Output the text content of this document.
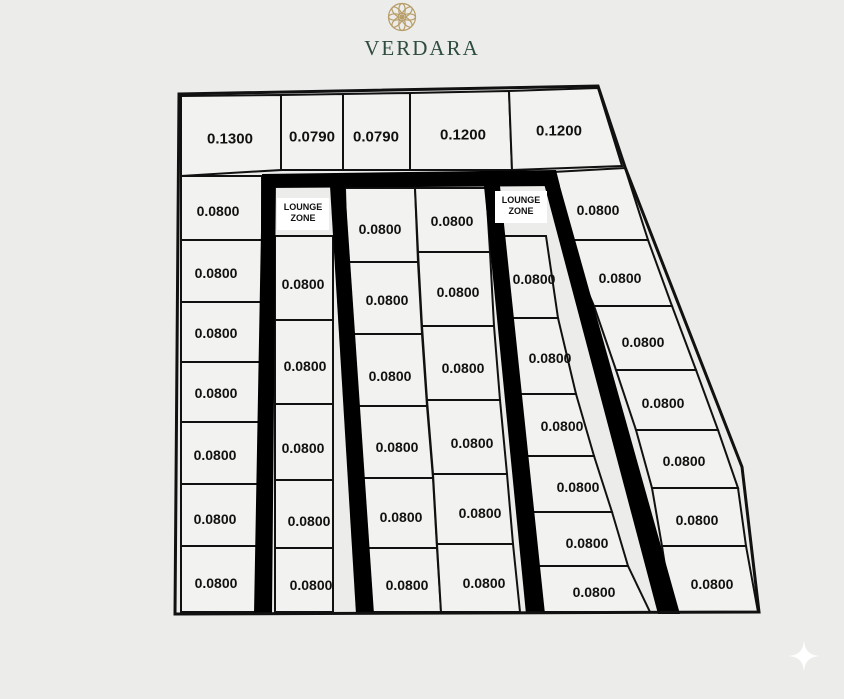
VERDARA
0.1300 0.0790 0.0790	0.1200	0.1200
0.0800
0.0800
0.0800
0.0800
0.0800
0.0800
0.0800
0.0800
0.0800
0.0800
0.0800
0.0800
0.0800
0.0800
0.0800
0.0800
0.0800
0.0800
0.0800
0.0800
0.0800
0.0800
0.0800
0.0800
0.0800
0.0800
0.0800
0.0800
0.0800
0.0800
0.0800
0.0800
0.0800
0.0800
0.0800
0.0800
0.0800
LOUNGE
ZONE
LOUNGE
ZONE
